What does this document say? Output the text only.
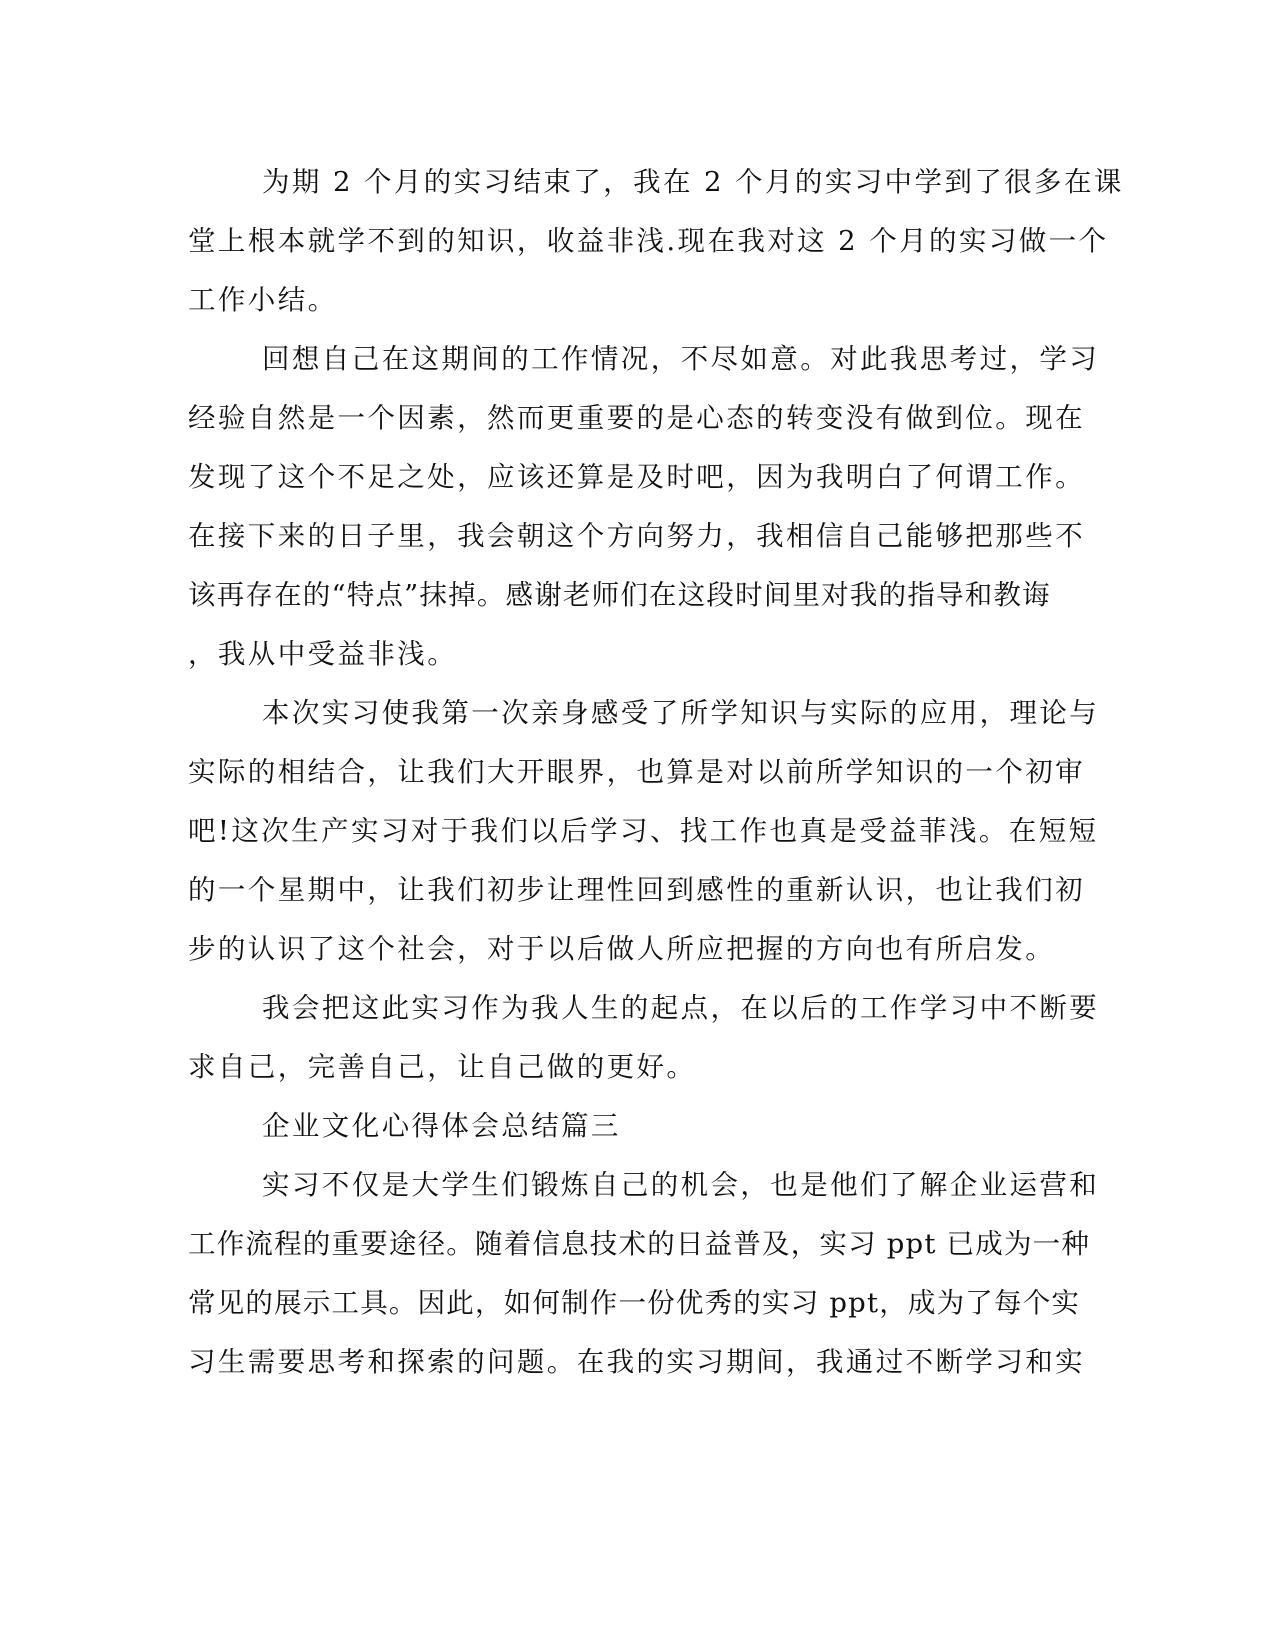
为期 2 个月的实习结束了，我在 2 个月的实习中学到了很多在课
堂上根本就学不到的知识，收益非浅.现在我对这 2 个月的实习做一个
工作小结。
回想自己在这期间的工作情况，不尽如意。对此我思考过，学习
经验自然是一个因素，然而更重要的是心态的转变没有做到位。现在
发现了这个不足之处，应该还算是及时吧，因为我明白了何谓工作。
在接下来的日子里，我会朝这个方向努力，我相信自己能够把那些不
该再存在的“特点”抹掉。感谢老师们在这段时间里对我的指导和教诲
，我从中受益非浅。
本次实习使我第一次亲身感受了所学知识与实际的应用，理论与
实际的相结合，让我们大开眼界，也算是对以前所学知识的一个初审
吧!这次生产实习对于我们以后学习、找工作也真是受益菲浅。在短短
的一个星期中，让我们初步让理性回到感性的重新认识，也让我们初
步的认识了这个社会，对于以后做人所应把握的方向也有所启发。
我会把这此实习作为我人生的起点，在以后的工作学习中不断要
求自己，完善自己，让自己做的更好。
企业文化心得体会总结篇三
实习不仅是大学生们锻炼自己的机会，也是他们了解企业运营和
工作流程的重要途径。随着信息技术的日益普及，实习 ppt 已成为一种
常见的展示工具。因此，如何制作一份优秀的实习 ppt，成为了每个实
习生需要思考和探索的问题。在我的实习期间，我通过不断学习和实
